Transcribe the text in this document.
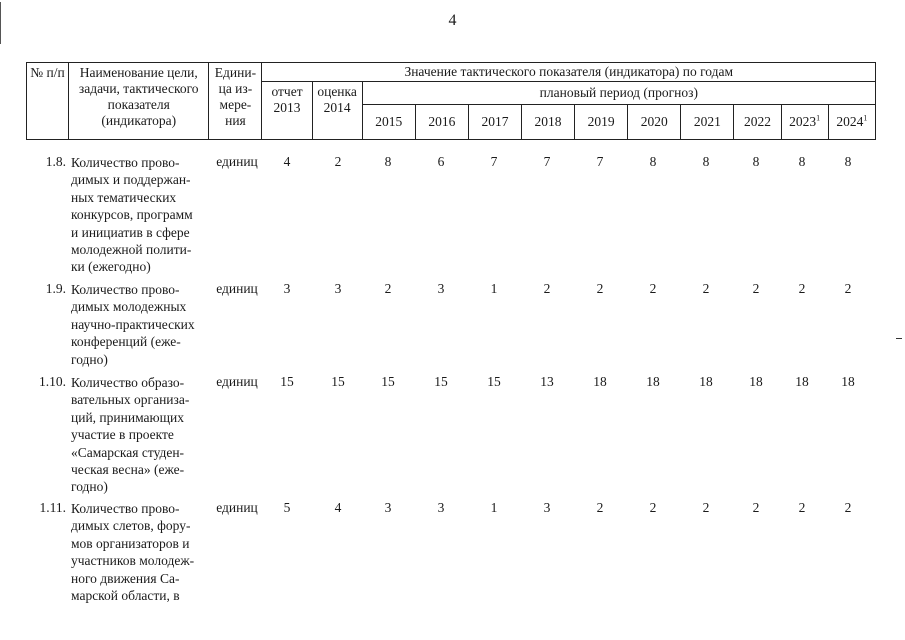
4
№ п/п	Наименование цели, задачи, тактического показателя (индикатора)	Едини-ца из-мере-ния	Значение тактического показателя (индикатора) по годам											
			отчет 2013	оценка 2014	плановый период (прогноз)									
					2015	2016	2017	2018	2019	2020	2021	2022	2023$^1$	2024$^1$
1.8. Количество прово-
димых и поддержан-
ных тематических
конкурсов, программ
и инициатив в сфере
молодежной полити-
ки (ежегодно)
единиц	4	2	8	6	7	7	7	8	8	8	8	8
1.9. Количество прово-
димых молодежных
научно-практических
конференций (еже-
годно)
единиц	3	3	2	3	1	2	2	2	2	2	2	2
1.10. Количество образо-
вательных организа-
ций, принимающих
участие в проекте
«Самарская студен-
ческая весна» (еже-
годно)
единиц	15	15	15	15	15	13	18	18	18	18	18	18
1.11. Количество прово-
димых слетов, фору-
мов организаторов и
участников молодеж-
ного движения Са-
марской области, в
единиц	5	4	3	3	1	3	2	2	2	2	2	2
